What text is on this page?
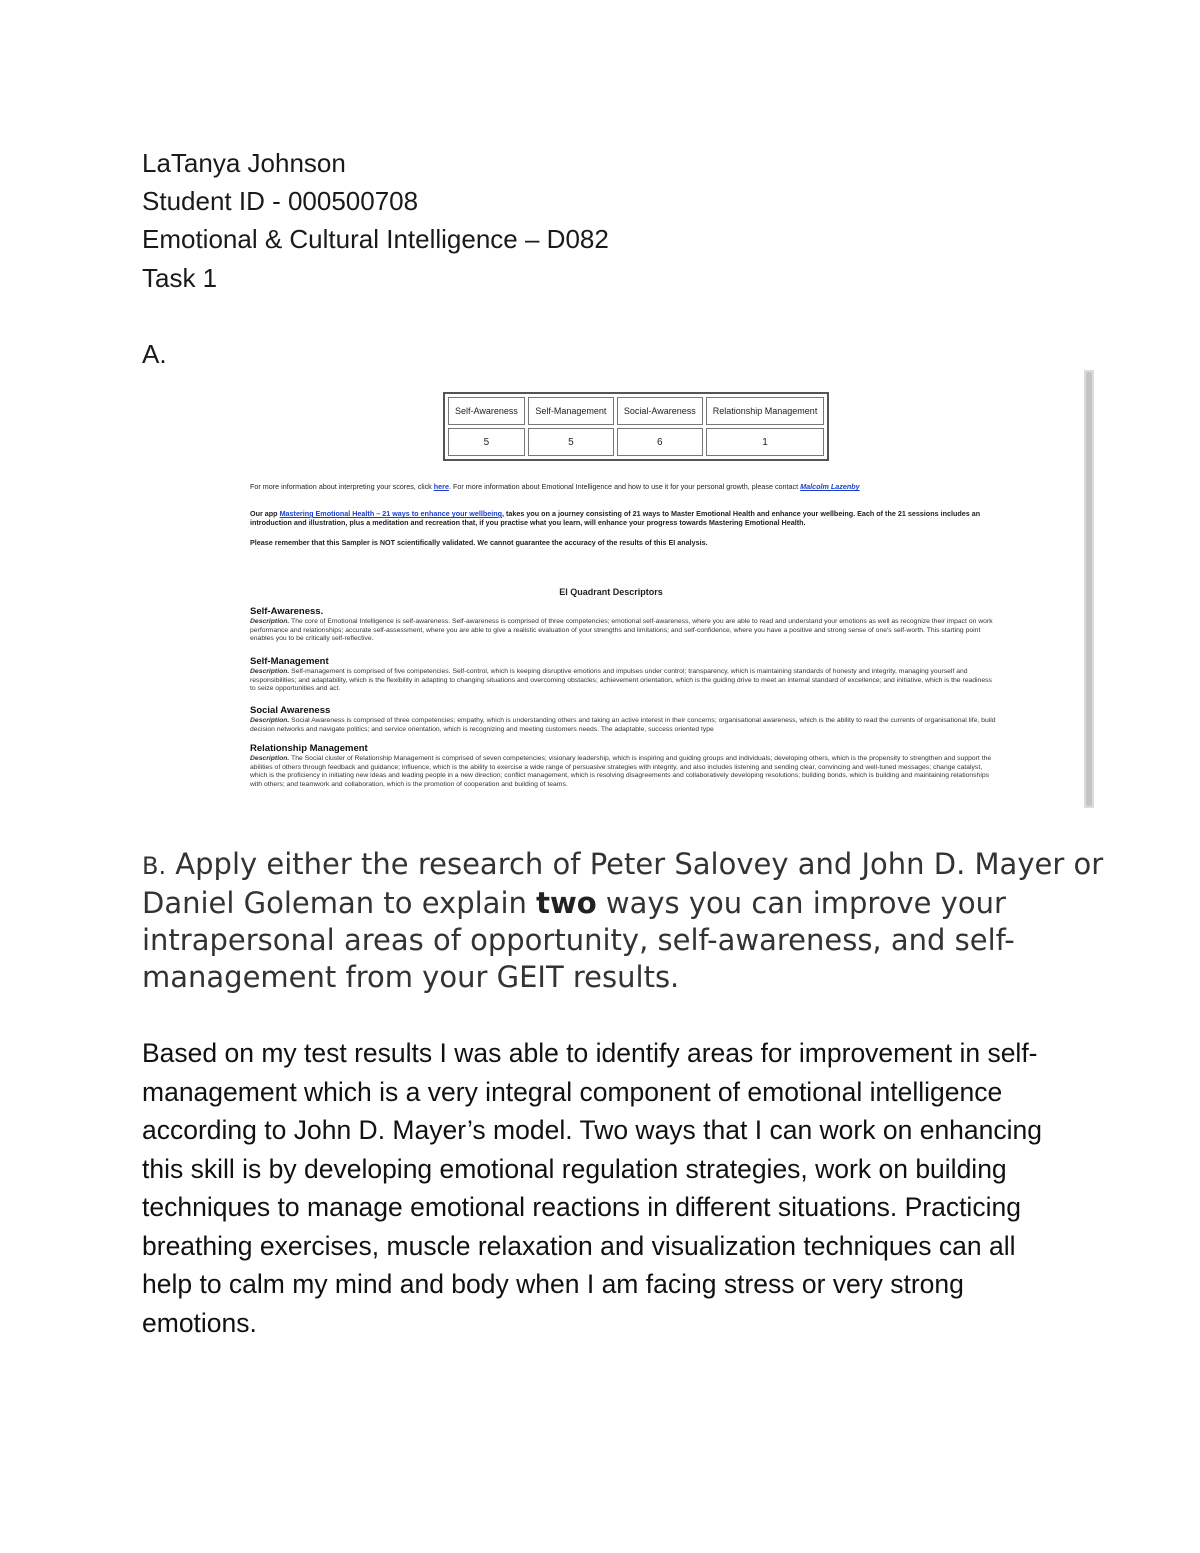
LaTanya Johnson
Student ID - 000500708
Emotional & Cultural Intelligence – D082
Task 1
A.
Self-Awareness	Self-Management	Social-Awareness	Relationship Management
5	5	6	1
For more information about interpreting your scores, click here. For more information about Emotional Intelligence and how to use it for your personal growth, please contact Malcolm Lazenby
Our app Mastering Emotional Health – 21 ways to enhance your wellbeing, takes you on a journey consisting of 21 ways to Master Emotional Health and enhance your wellbeing. Each of the 21 sessions includes an introduction and illustration, plus a meditation and recreation that, if you practise what you learn, will enhance your progress towards Mastering Emotional Health.
Please remember that this Sampler is NOT scientifically validated. We cannot guarantee the accuracy of the results of this EI analysis.
EI Quadrant Descriptors
Self-Awareness.
Description. The core of Emotional Intelligence is self-awareness. Self-awareness is comprised of three competencies; emotional self-awareness, where you are able to read and understand your emotions as well as recognize their impact on work performance and relationships; accurate self-assessment, where you are able to give a realistic evaluation of your strengths and limitations; and self-confidence, where you have a positive and strong sense of one's self-worth. This starting point enables you to be critically self-reflective.
Self-Management
Description. Self-management is comprised of five competencies. Self-control, which is keeping disruptive emotions and impulses under control; transparency, which is maintaining standards of honesty and integrity, managing yourself and responsibilities; and adaptability, which is the flexibility in adapting to changing situations and overcoming obstacles; achievement orientation, which is the guiding drive to meet an internal standard of excellence; and initiative, which is the readiness to seize opportunities and act.
Social Awareness
Description. Social Awareness is comprised of three competencies; empathy, which is understanding others and taking an active interest in their concerns; organisational awareness, which is the ability to read the currents of organisational life, build decision networks and navigate politics; and service orientation, which is recognizing and meeting customers needs. The adaptable, success oriented type
Relationship Management
Description. The Social cluster of Relationship Management is comprised of seven competencies; visionary leadership, which is inspiring and guiding groups and individuals; developing others, which is the propensity to strengthen and support the abilities of others through feedback and guidance; influence, which is the ability to exercise a wide range of persuasive strategies with integrity, and also includes listening and sending clear, convincing and well-tuned messages; change catalyst, which is the proficiency in initiating new ideas and leading people in a new direction; conflict management, which is resolving disagreements and collaboratively developing resolutions; building bonds, which is building and maintaining relationships with others; and teamwork and collaboration, which is the promotion of cooperation and building of teams.
B. Apply either the research of Peter Salovey and John D. Mayer or Daniel Goleman to explain two ways you can improve your intrapersonal areas of opportunity, self-awareness, and self-management from your GEIT results.
Based on my test results I was able to identify areas for improvement in self-management which is a very integral component of emotional intelligence according to John D. Mayer’s model. Two ways that I can work on enhancing this skill is by developing emotional regulation strategies, work on building techniques to manage emotional reactions in different situations. Practicing breathing exercises, muscle relaxation and visualization techniques can all help to calm my mind and body when I am facing stress or very strong emotions.
